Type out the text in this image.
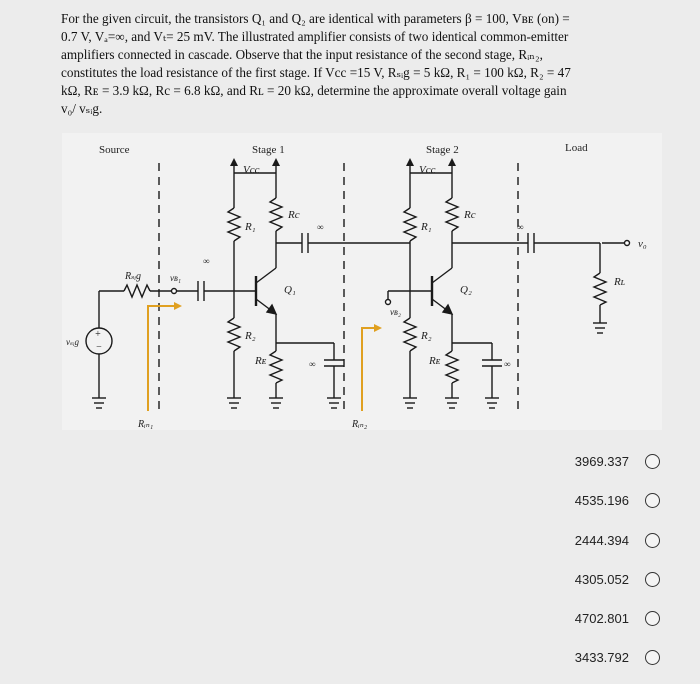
For the given circuit, the transistors Q₁ and Q₂ are identical with parameters β = 100, Vʙᴇ (on) =
0.7 V, Vₐ=∞, and Vₜ= 25 mV. The illustrated amplifier consists of two identical common-emitter
amplifiers connected in cascade. Observe that the input resistance of the second stage, Rᵢₙ₂,
constitutes the load resistance of the first stage. If Vcc =15 V, Rₛᵢg = 5 kΩ, R₁ = 100 kΩ, R₂ = 47
kΩ, Rᴇ = 3.9 kΩ, Rc = 6.8 kΩ, and Rʟ = 20 kΩ, determine the approximate overall voltage gain
v₀/ vₛᵢg.
Source	Stage 1	Stage 2	Load
Vcc	Vcc
Rc	Rc
R₁	R₁
R₂	R₂
Rᴇ	Rᴇ
Q₁	Q₂
Rₛᵢg	vʙ₁
vʙ₂
vₛᵢg
Rʟ
v₀
Rᵢₙ₁	Rᵢₙ₂
+
−
∞
∞	∞
∞	∞
3969.337
4535.196
2444.394
4305.052
4702.801
3433.792
